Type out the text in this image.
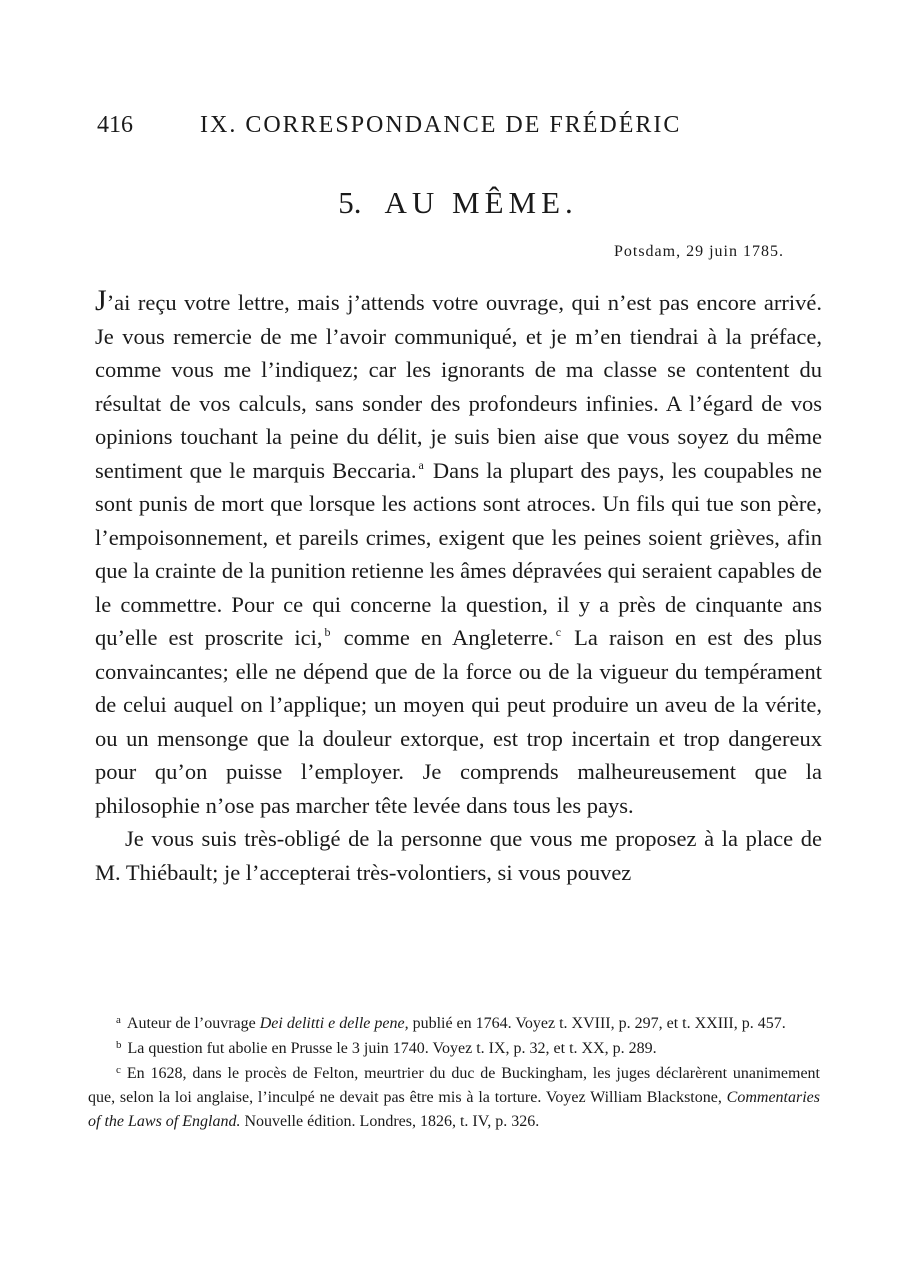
416	IX. CORRESPONDANCE DE FRÉDÉRIC
5. AU MÊME.
Potsdam, 29 juin 1785.

J’ai reçu votre lettre, mais j’attends votre ouvrage, qui n’est pas encore arrivé. Je vous remercie de me l’avoir communiqué, et je m’en tiendrai à la préface, comme vous me l’indiquez; car les ignorants de ma classe se contentent du résultat de vos calculs, sans sonder des profondeurs infinies. A l’égard de vos opinions touchant la peine du délit, je suis bien aise que vous soyez du même sentiment que le marquis Beccaria. $^a$ Dans la plupart des pays, les coupables ne sont punis de mort que lorsque les actions sont atroces. Un fils qui tue son père, l’empoisonnement, et pareils crimes, exigent que les peines soient grièves, afin que la crainte de la punition retienne les âmes dépravées qui seraient capables de le commettre. Pour ce qui concerne la question, il y a près de cinquante ans qu’elle est proscrite ici, $^b$ comme en Angleterre. $^c$ La raison en est des plus convaincantes; elle ne dépend que de la force ou de la vigueur du tempérament de celui auquel on l’applique; un moyen qui peut produire un aveu de la vérite, ou un mensonge que la douleur extorque, est trop incertain et trop dangereux pour qu’on puisse l’employer. Je comprends malheureusement que la philosophie n’ose pas marcher tête levée dans tous les pays.

Je vous suis très-obligé de la personne que vous me proposez à la place de M. Thiébault; je l’accepterai très-volontiers, si vous pouvez

$^a$ Auteur de l’ouvrage Dei delitti e delle pene, publié en 1764. Voyez t. XVIII, p. 297, et t. XXIII, p. 457.

$^b$ La question fut abolie en Prusse le 3 juin 1740. Voyez t. IX, p. 32, et t. XX, p. 289.

$^c$ En 1628, dans le procès de Felton, meurtrier du duc de Buckingham, les juges déclarèrent unanimement que, selon la loi anglaise, l’inculpé ne devait pas être mis à la torture. Voyez William Blackstone, Commentaries of the Laws of England. Nouvelle édition. Londres, 1826, t. IV, p. 326.
